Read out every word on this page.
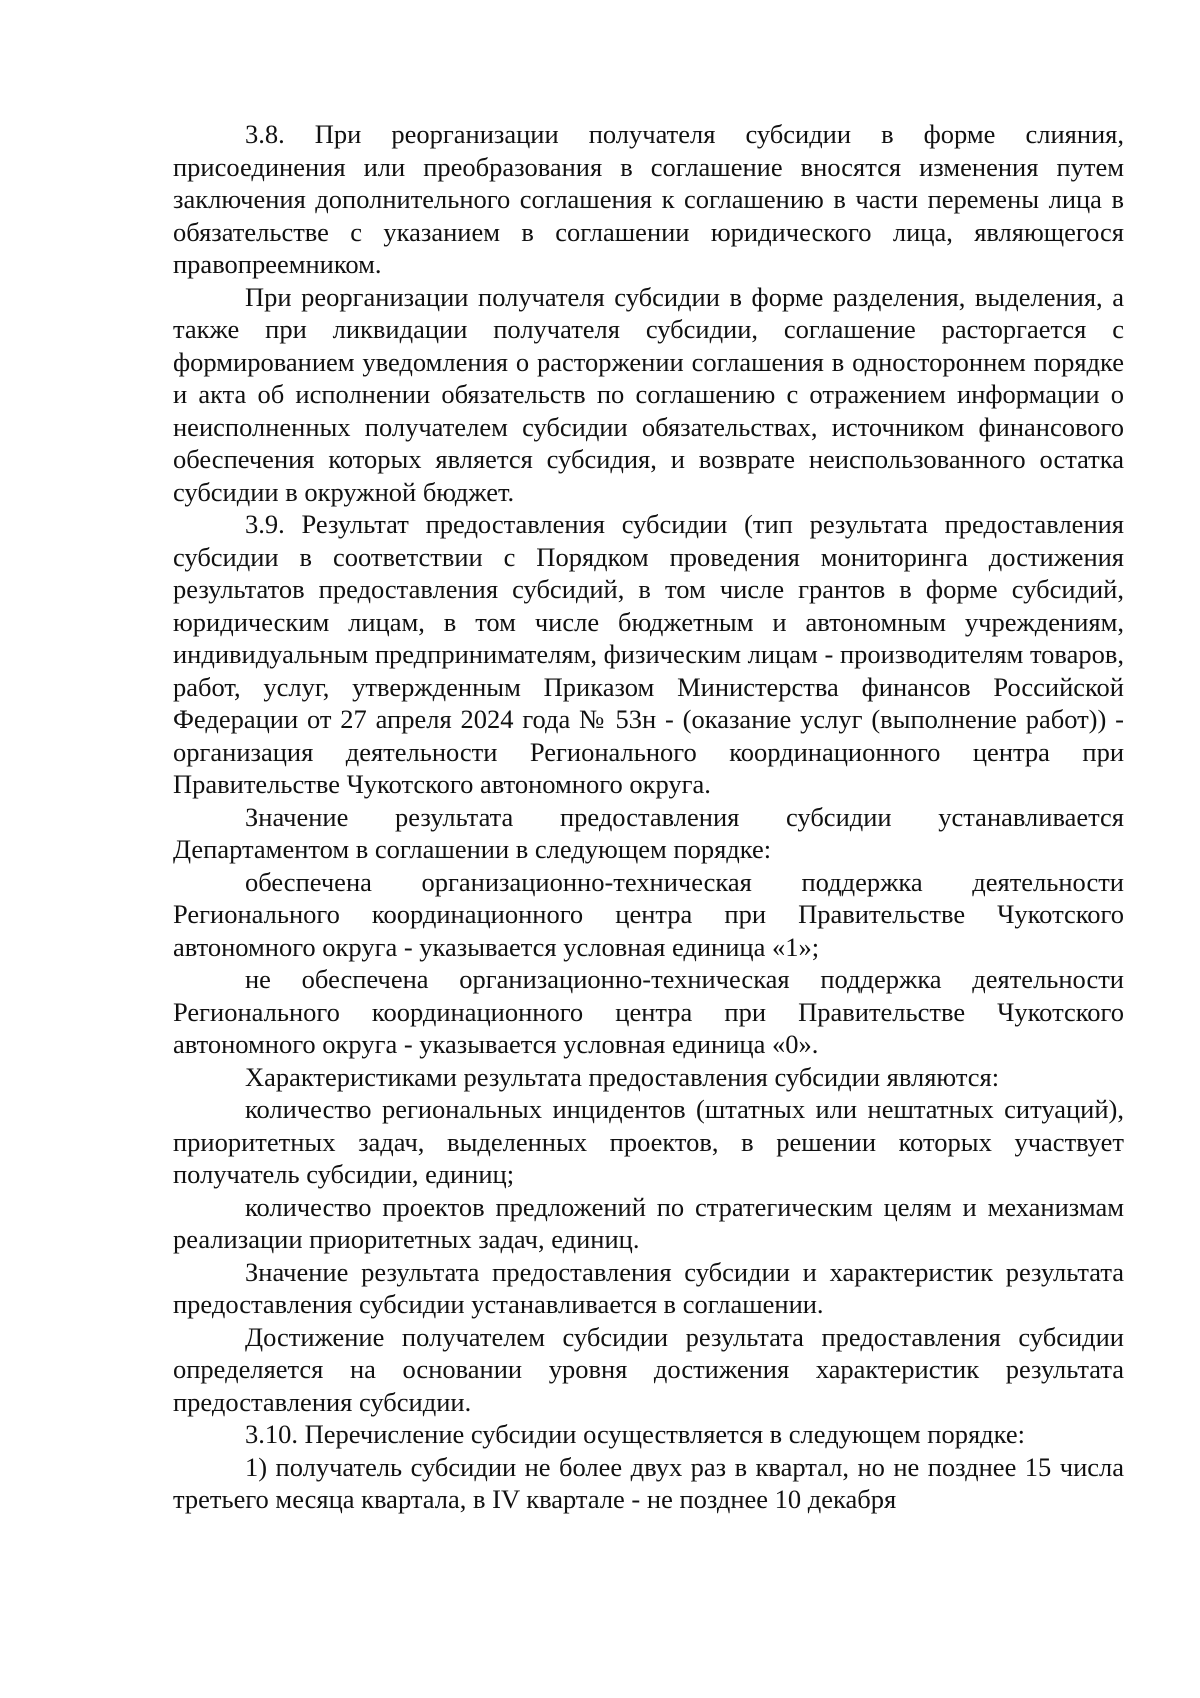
3.8. При реорганизации получателя субсидии в форме слияния, присоединения или преобразования в соглашение вносятся изменения путем заключения дополнительного соглашения к соглашению в части перемены лица в обязательстве с указанием в соглашении юридического лица, являющегося правопреемником.

При реорганизации получателя субсидии в форме разделения, выделения, а также при ликвидации получателя субсидии, соглашение расторгается с формированием уведомления о расторжении соглашения в одностороннем порядке и акта об исполнении обязательств по соглашению с отражением информации о неисполненных получателем субсидии обязательствах, источником финансового обеспечения которых является субсидия, и возврате неиспользованного остатка субсидии в окружной бюджет.

3.9. Результат предоставления субсидии (тип результата предоставления субсидии в соответствии с Порядком проведения мониторинга достижения результатов предоставления субсидий, в том числе грантов в форме субсидий, юридическим лицам, в том числе бюджетным и автономным учреждениям, индивидуальным предпринимателям, физическим лицам - производителям товаров, работ, услуг, утвержденным Приказом Министерства финансов Российской Федерации от 27 апреля 2024 года № 53н - (оказание услуг (выполнение работ)) - организация деятельности Регионального координационного центра при Правительстве Чукотского автономного округа.

Значение результата предоставления субсидии устанавливается Департаментом в соглашении в следующем порядке:

обеспечена организационно-техническая поддержка деятельности Регионального координационного центра при Правительстве Чукотского автономного округа - указывается условная единица «1»;

не обеспечена организационно-техническая поддержка деятельности Регионального координационного центра при Правительстве Чукотского автономного округа - указывается условная единица «0».

Характеристиками результата предоставления субсидии являются:

количество региональных инцидентов (штатных или нештатных ситуаций), приоритетных задач, выделенных проектов, в решении которых участвует получатель субсидии, единиц;

количество проектов предложений по стратегическим целям и механизмам реализации приоритетных задач, единиц.

Значение результата предоставления субсидии и характеристик результата предоставления субсидии устанавливается в соглашении.

Достижение получателем субсидии результата предоставления субсидии определяется на основании уровня достижения характеристик результата предоставления субсидии.

3.10. Перечисление субсидии осуществляется в следующем порядке:

1) получатель субсидии не более двух раз в квартал, но не позднее 15 числа третьего месяца квартала, в IV квартале - не позднее 10 декабря
